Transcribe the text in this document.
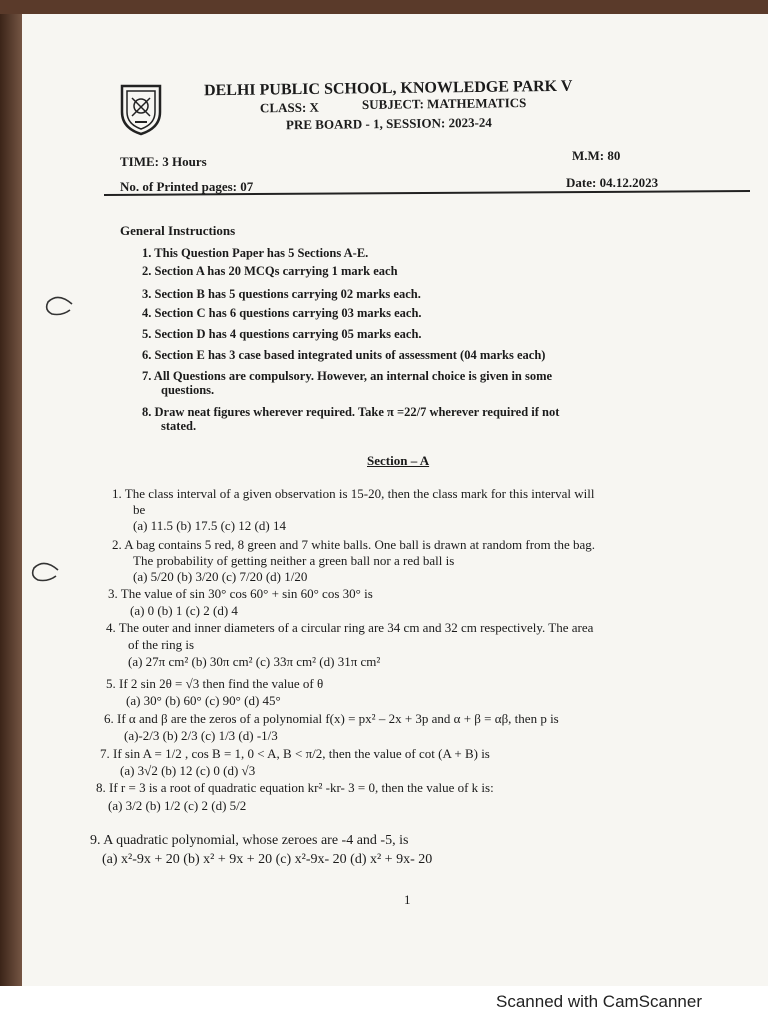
DELHI PUBLIC SCHOOL, KNOWLEDGE PARK V
CLASS: X	SUBJECT: MATHEMATICS
PRE BOARD - 1, SESSION: 2023-24
TIME: 3 Hours	M.M: 80
No. of Printed pages: 07	Date: 04.12.2023
General Instructions
1. This Question Paper has 5 Sections A-E.
2. Section A has 20 MCQs carrying 1 mark each
3. Section B has 5 questions carrying 02 marks each.
4. Section C has 6 questions carrying 03 marks each.
5. Section D has 4 questions carrying 05 marks each.
6. Section E has 3 case based integrated units of assessment (04 marks each)
7. All Questions are compulsory. However, an internal choice is given in some
questions.
8. Draw neat figures wherever required. Take π =22/7 wherever required if not
stated.
Section – A
1. The class interval of a given observation is 15-20, then the class mark for this interval will
be
(a) 11.5 (b) 17.5 (c) 12 (d) 14
2. A bag contains 5 red, 8 green and 7 white balls. One ball is drawn at random from the bag.
The probability of getting neither a green ball nor a red ball is
(a) 5/20 (b) 3/20 (c) 7/20 (d) 1/20
3. The value of sin 30° cos 60° + sin 60° cos 30° is
(a) 0 (b) 1 (c) 2 (d) 4
4. The outer and inner diameters of a circular ring are 34 cm and 32 cm respectively. The area
of the ring is
(a) 27π cm² (b) 30π cm² (c) 33π cm² (d) 31π cm²
5. If 2 sin 2θ = √3 then find the value of θ
(a) 30° (b) 60° (c) 90° (d) 45°
6. If α and β are the zeros of a polynomial f(x) = px² – 2x + 3p and α + β = αβ, then p is
(a)-2/3 (b) 2/3 (c) 1/3 (d) -1/3
7. If sin A = 1/2 , cos B = 1, 0 < A, B < π/2, then the value of cot (A + B) is
(a) 3√2 (b) 12 (c) 0 (d) √3
8. If r = 3 is a root of quadratic equation kr² -kr- 3 = 0, then the value of k is:
(a) 3/2 (b) 1/2 (c) 2 (d) 5/2
9. A quadratic polynomial, whose zeroes are -4 and -5, is
(a) x²-9x + 20 (b) x² + 9x + 20 (c) x²-9x- 20 (d) x² + 9x- 20
1
Scanned with CamScanner
